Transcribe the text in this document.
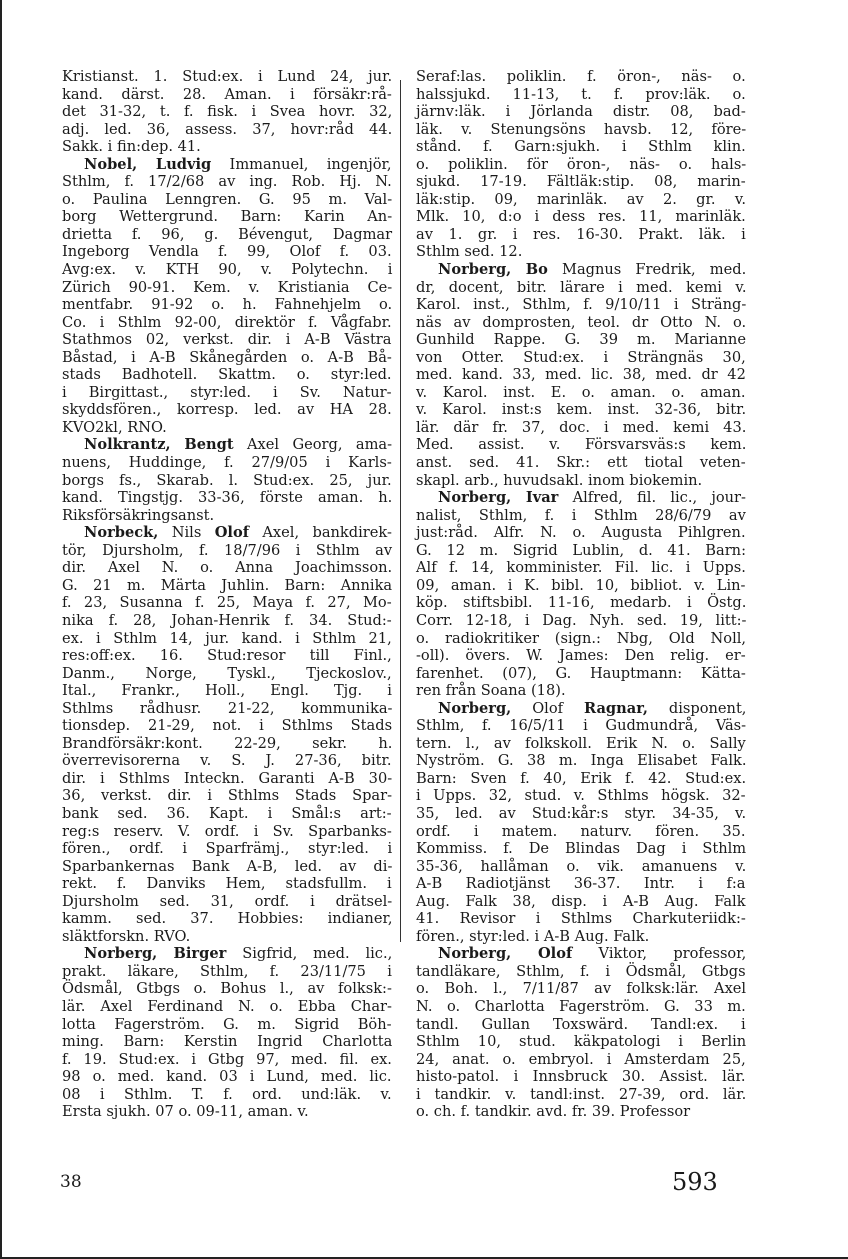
Kristianst. 1. Stud:ex. i Lund 24, jur.
kand. därst. 28. Aman. i försäkr:rå-
det 31-32, t. f. fisk. i Svea hovr. 32,
adj. led. 36, assess. 37, hovr:råd 44.
Sakk. i fin:dep. 41.
Nobel, Ludvig Immanuel, ingenjör,
Sthlm, f. 17/2/68 av ing. Rob. Hj. N.
o. Paulina Lenngren. G. 95 m. Val-
borg Wettergrund. Barn: Karin An-
drietta f. 96, g. Bévengut, Dagmar
Ingeborg Vendla f. 99, Olof f. 03.
Avg:ex. v. KTH 90, v. Polytechn. i
Zürich 90-91. Kem. v. Kristiania Ce-
mentfabr. 91-92 o. h. Fahnehjelm o.
Co. i Sthlm 92-00, direktör f. Vågfabr.
Stathmos 02, verkst. dir. i A-B Västra
Båstad, i A-B Skånegården o. A-B Bå-
stads Badhotell. Skattm. o. styr:led.
i Birgittast., styr:led. i Sv. Natur-
skyddsfören., korresp. led. av HA 28.
KVO2kl, RNO.
Nolkrantz, Bengt Axel Georg, ama-
nuens, Huddinge, f. 27/9/05 i Karls-
borgs fs., Skarab. l. Stud:ex. 25, jur.
kand. Tingstjg. 33-36, förste aman. h.
Riksförsäkringsanst.
Norbeck, Nils Olof Axel, bankdirek-
tör, Djursholm, f. 18/7/96 i Sthlm av
dir. Axel N. o. Anna Joachimsson.
G. 21 m. Märta Juhlin. Barn: Annika
f. 23, Susanna f. 25, Maya f. 27, Mo-
nika f. 28, Johan-Henrik f. 34. Stud:-
ex. i Sthlm 14, jur. kand. i Sthlm 21,
res:off:ex. 16. Stud:resor till Finl.,
Danm., Norge, Tyskl., Tjeckoslov.,
Ital., Frankr., Holl., Engl. Tjg. i
Sthlms rådhusr. 21-22, kommunika-
tionsdep. 21-29, not. i Sthlms Stads
Brandförsäkr:kont. 22-29, sekr. h.
överrevisorerna v. S. J. 27-36, bitr.
dir. i Sthlms Inteckn. Garanti A-B 30-
36, verkst. dir. i Sthlms Stads Spar-
bank sed. 36. Kapt. i Smål:s art:-
reg:s reserv. V. ordf. i Sv. Sparbanks-
fören., ordf. i Sparfrämj., styr:led. i
Sparbankernas Bank A-B, led. av di-
rekt. f. Danviks Hem, stadsfullm. i
Djursholm sed. 31, ordf. i drätsel-
kamm. sed. 37. Hobbies: indianer,
släktforskn. RVO.
Norberg, Birger Sigfrid, med. lic.,
prakt. läkare, Sthlm, f. 23/11/75 i
Ödsmål, Gtbgs o. Bohus l., av folksk:-
lär. Axel Ferdinand N. o. Ebba Char-
lotta Fagerström. G. m. Sigrid Böh-
ming. Barn: Kerstin Ingrid Charlotta
f. 19. Stud:ex. i Gtbg 97, med. fil. ex.
98 o. med. kand. 03 i Lund, med. lic.
08 i Sthlm. T. f. ord. und:läk. v.
Ersta sjukh. 07 o. 09-11, aman. v.
Seraf:las. poliklin. f. öron-, näs- o.
halssjukd. 11-13, t. f. prov:läk. o.
järnv:läk. i Jörlanda distr. 08, bad-
läk. v. Stenungsöns havsb. 12, före-
stånd. f. Garn:sjukh. i Sthlm klin.
o. poliklin. för öron-, näs- o. hals-
sjukd. 17-19. Fältläk:stip. 08, marin-
läk:stip. 09, marinläk. av 2. gr. v.
Mlk. 10, d:o i dess res. 11, marinläk.
av 1. gr. i res. 16-30. Prakt. läk. i
Sthlm sed. 12.
Norberg, Bo Magnus Fredrik, med.
dr, docent, bitr. lärare i med. kemi v.
Karol. inst., Sthlm, f. 9/10/11 i Sträng-
näs av domprosten, teol. dr Otto N. o.
Gunhild Rappe. G. 39 m. Marianne
von Otter. Stud:ex. i Strängnäs 30,
med. kand. 33, med. lic. 38, med. dr 42
v. Karol. inst. E. o. aman. o. aman.
v. Karol. inst:s kem. inst. 32-36, bitr.
lär. där fr. 37, doc. i med. kemi 43.
Med. assist. v. Försvarsväs:s kem.
anst. sed. 41. Skr.: ett tiotal veten-
skapl. arb., huvudsakl. inom biokemin.
Norberg, Ivar Alfred, fil. lic., jour-
nalist, Sthlm, f. i Sthlm 28/6/79 av
just:råd. Alfr. N. o. Augusta Pihlgren.
G. 12 m. Sigrid Lublin, d. 41. Barn:
Alf f. 14, komminister. Fil. lic. i Upps.
09, aman. i K. bibl. 10, bibliot. v. Lin-
köp. stiftsbibl. 11-16, medarb. i Östg.
Corr. 12-18, i Dag. Nyh. sed. 19, litt:-
o. radiokritiker (sign.: Nbg, Old Noll,
-oll). övers. W. James: Den relig. er-
farenhet. (07), G. Hauptmann: Kätta-
ren från Soana (18).
Norberg, Olof Ragnar, disponent,
Sthlm, f. 16/5/11 i Gudmundrå, Väs-
tern. l., av folkskoll. Erik N. o. Sally
Nyström. G. 38 m. Inga Elisabet Falk.
Barn: Sven f. 40, Erik f. 42. Stud:ex.
i Upps. 32, stud. v. Sthlms högsk. 32-
35, led. av Stud:kår:s styr. 34-35, v.
ordf. i matem. naturv. fören. 35.
Kommiss. f. De Blindas Dag i Sthlm
35-36, hallåman o. vik. amanuens v.
A-B Radiotjänst 36-37. Intr. i f:a
Aug. Falk 38, disp. i A-B Aug. Falk
41. Revisor i Sthlms Charkuteriidk:-
fören., styr:led. i A-B Aug. Falk.
Norberg, Olof Viktor, professor,
tandläkare, Sthlm, f. i Ödsmål, Gtbgs
o. Boh. l., 7/11/87 av folksk:lär. Axel
N. o. Charlotta Fagerström. G. 33 m.
tandl. Gullan Toxswärd. Tandl:ex. i
Sthlm 10, stud. käkpatologi i Berlin
24, anat. o. embryol. i Amsterdam 25,
histo-patol. i Innsbruck 30. Assist. lär.
i tandkir. v. tandl:inst. 27-39, ord. lär.
o. ch. f. tandkir. avd. fr. 39. Professor
38	593
